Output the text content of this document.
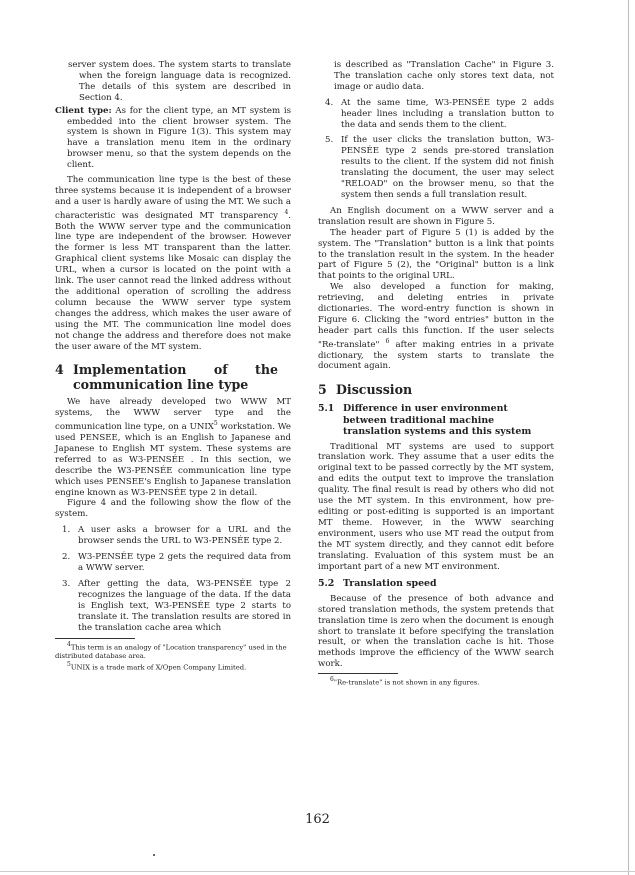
server system does. The system starts to translate when the foreign language data is recognized. The details of this system are described in Section 4.

Client type: As for the client type, an MT system is embedded into the client browser system. The system is shown in Figure 1(3). This system may have a translation menu item in the ordinary browser menu, so that the system depends on the client.

The communication line type is the best of these three systems because it is independent of a browser and a user is hardly aware of using the MT. We such a characteristic was designated MT transparency $^4$. Both the WWW server type and the communication line type are independent of the browser. However the former is less MT transparent than the latter. Graphical client systems like Mosaic can display the URL, when a cursor is located on the point with a link. The user cannot read the linked address without the additional operation of scrolling the address column because the WWW server type system changes the address, which makes the user aware of using the MT. The communication line model does not change the address and therefore does not make the user aware of the MT system.

4 Implementation of the communication line type

We have already developed two WWW MT systems, the WWW server type and the communication line type, on a UNIX$^5$ workstation. We used PENSEE, which is an English to Japanese and Japanese to English MT system. These systems are referred to as W3-PENSÉE . In this section, we describe the W3-PENSÉE communication line type which uses PENSEE's English to Japanese translation engine known as W3-PENSÉE type 2 in detail.

Figure 4 and the following show the flow of the system.

1. A user asks a browser for a URL and the browser sends the URL to W3-PENSÉE type 2.
2. W3-PENSÉE type 2 gets the required data from a WWW server.
3. After getting the data, W3-PENSÉE type 2 recognizes the language of the data. If the data is English text, W3-PENSÉE type 2 starts to translate it. The translation results are stored in the translation cache area which

$^4$This term is an analogy of "Location transparency" used in the distributed database area.

$^5$UNIX is a trade mark of X/Open Company Limited.

is described as "Translation Cache" in Figure 3. The translation cache only stores text data, not image or audio data.

4. At the same time, W3-PENSÉE type 2 adds header lines including a translation button to the data and sends them to the client.
5. If the user clicks the translation button, W3-PENSÉE type 2 sends pre-stored translation results to the client. If the system did not finish translating the document, the user may select "RELOAD" on the browser menu, so that the system then sends a full translation result.

An English document on a WWW server and a translation result are shown in Figure 5.

The header part of Figure 5 (1) is added by the system. The "Translation" button is a link that points to the translation result in the system. In the header part of Figure 5 (2), the "Original" button is a link that points to the original URL.

We also developed a function for making, retrieving, and deleting entries in private dictionaries. The word-entry function is shown in Figure 6. Clicking the "word entries" button in the header part calls this function. If the user selects "Re-translate" $^6$ after making entries in a private dictionary, the system starts to translate the document again.

5 Discussion
5.1 Difference in user environment between traditional machine translation systems and this system

Traditional MT systems are used to support translation work. They assume that a user edits the original text to be passed correctly by the MT system, and edits the output text to improve the translation quality. The final result is read by others who did not use the MT system. In this environment, how pre-editing or post-editing is supported is an important MT theme. However, in the WWW searching environment, users who use MT read the output from the MT system directly, and they cannot edit before translating. Evaluation of this system must be an important part of a new MT environment.

5.2 Translation speed

Because of the presence of both advance and stored translation methods, the system pretends that translation time is zero when the document is enough short to translate it before specifying the translation result, or when the translation cache is hit. Those methods improve the efficiency of the WWW search work.

$^6$"Re-translate" is not shown in any figures.

162
